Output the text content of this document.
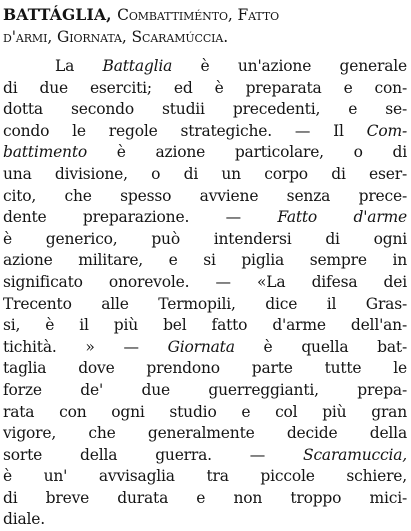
BATTÁGLIA, Combattiménto, Fatto
d'armi, Giornata, Scaramúccia.
La Battaglia è un'azione generale
di due eserciti; ed è preparata e con-
dotta secondo studii precedenti, e se-
condo le regole strategiche. — Il Com-
battimento è azione particolare, o di
una divisione, o di un corpo di eser-
cito, che spesso avviene senza prece-
dente preparazione. — Fatto d'arme
è generico, può intendersi di ogni
azione militare, e si piglia sempre in
significato onorevole. — «La difesa dei
Trecento alle Termopili, dice il Gras-
si, è il più bel fatto d'arme dell'an-
tichità. » — Giornata è quella bat-
taglia dove prendono parte tutte le
forze de' due guerreggianti, prepa-
rata con ogni studio e col più gran
vigore, che generalmente decide della
sorte della guerra. — Scaramuccia,
è un' avvisaglia tra piccole schiere,
di breve durata e non troppo mici-
diale.
